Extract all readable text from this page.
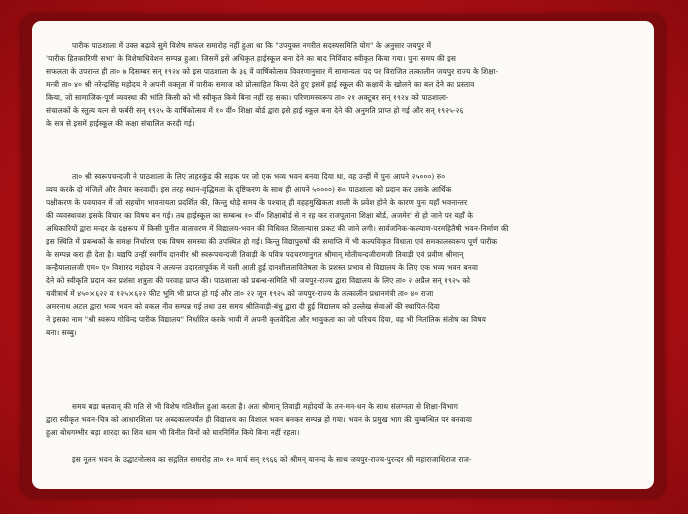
पारीक पाठशाला में उक्त बढ़ावे सुमे विशेष सफल समारोह नहीं हुआ था कि "उपयुक्त नगरीत सदस्यसमिति योग" के अनुसार जयपुर में
'पारीक हितकारिणी सभा' के विशेषाधिवेशन सम्पन्न हुआ। जिसमें इसे अधिकृत हाईस्कूल बना देने का बाद निर्विवाद स्वीकृत किया गया। पुनः समय की इस
सफलता के उपरान्त ही ता० ७ दिसम्बर सन् १९२४ को इस पाठशाला के ३६ वें वार्षिकोत्सव विवरणानुसार में सामान्यतः पद पर विराजित तत्कालीन जयपुर राज्य के शिक्षा-
मन्त्री ता० ४० श्री नरेन्द्रसिंह महोदय ने अपनी वक्तृता में पारीक समाज को प्रोत्साहित किया देते हुए इसमें हाई स्कूल की कक्षायें के खोलने का बल देने का प्रस्ताव
किया, जो सामाजिक-पूर्ण व्यवस्था की भांति किसी को भी स्वीकृत किये बिना नहीं रह सका। परिणामस्वरूप ता० २१ अक्टूबर सन् १९२४ को पाठशाला-
संचालकों के स्तुत्य यत्न से फर्बरी सन् १९२५ के वार्षिकोत्सव में १० वीं० शिक्षा बोर्ड द्वारा इसे हाई स्कूल बना देने की अनुमति प्राप्त हो गई और सन् १९२५-२६
के सत्र से इसमें हाईस्कूल की कक्षा संचालित करदी गई।
ता० श्री स्वरूपचन्दजी ने पाठशाला के लिए ताहरकुंड की सड़क पर जो एक भव्य भवन बनवा दिया था, वह उन्हीं में पुनः आपने २५०००) रु०
व्यय करके दो मंजिलें और तैयार करवादीं। इस तरह स्थान-वृद्धिमता के दृष्टिकरण के साथ ही आपने ५००००) रु० पाठशाला को प्रदान कर उसके आर्थिक
पक्षीकरण के पवयावन में जो सहयोग भावनायता प्रदर्शित की, किन्तु थोड़े समय के पश्चात् ही वहहमुखिकता शाली के प्रवेश होने के कारण पुनः यहाँ भवनान्तर
की व्यवस्थावश इसके विचार का विषय बन गई। तब हाईस्कूल का सम्बन्ध १० वीं० शिक्षाबोर्ड से न रह कर राजपूताना शिक्षा बोर्ड, अजमेर' से हो जाने पर यहाँ के
अधिकारियों द्वारा मन्दर के दक्षरूप में किसी पुनीत वातावरण में विद्यालय-भवन की विधिवत शिलान्यास प्रकट की जाने लगी। सार्वजनिक-कल्याण-परमहितैषी भवन-निर्माण की
इस स्थिति में प्रबन्धकों के समक्ष निर्धारण एक विषम समस्या की उपस्थित हो गई। किन्तु विद्यापुरुषों की समाप्ति में भी कल्पविकृत विधाता एवं समकालस्वरूप पूर्ण पारीक
के सम्पन्न करा ही देता है। यद्यपि उन्हीं स्वर्गीय दानवीर श्री स्वरूपचन्दजी तिवाड़ी के पवित्र पदचरणानुगत श्रीमान् मोतीचन्दजीरामजी तिवाड़ी एवं प्रवीण श्रीमान्
कन्हैयालालजी एम० ए० विशारद महोदय ने अत्यन्त उदारतापूर्वक में चली आती हुई दानशीलतावितेषता के प्रशस्त प्रभाव से विद्यालय के लिए एक भव्य भवन बनवा
देने को स्वीकृति प्रदान कर प्रशंसा शत्रुता की परवाह प्राप्त की। पाठशाला को प्रबन्ध-समिति भी जयपुर-राज्य द्वारा विद्यालय के लिए ता० २ अप्रैल सन् १९२५ को
चवीत्रार्थ में ४५०×६२२ व १२५×६२२ फीट भूमि भी प्राप्त हो गई और ता० २२ जून १९२५ को जयपुर-राज्य के तत्कालीन प्रधानमंत्री ता० ४० राजा
अमरनाथ अटल द्वारा भव्य भवन को वकल नीव सम्पन्न गई तथा उस समय श्रीतिवाड़ी-बंधु द्वारा दी हुई विद्यालय को उल्लेख सेवाओं की स्थापित-दिवा
ने इसका नाम "श्री स्वरूप गोविन्द पारीक विद्यालय" निर्धारित करके भावी में अपनी कृतवेदिता और भावुकता का जो परिचय दिया, वह भी नितांतिक संतोष का विषय
बना। सब्बु।
समय बड़ा बलवान् की गति से भी विशेष गतिशील हुआ करता है। अतः श्रीमान् तिवाड़ी महोदयों के तन-मन-धन के साथ संलग्नता से शिक्षा-विभाग
द्वारा स्वीकृत भवन-चित्र को आधारशिला पर अब्दकालपर्यंत ही विद्यालय का विशाल भवन बनकर सम्पन्न हो गया। भवन के प्रमुख भाग की चुम्बन्धित पर बनवाया
हुआ बोधगम्भीर बड़ा शारदा का शिव धाम भी विनीत विनों को घारनिर्मित किये बिना नहीं रहता।
इस नूतन भवन के उद्घाटनोत्सव का सद्गतित समारोह ता० १० मार्च सन् १९६६ को श्रीमन् यानन्द के साथ जयपुर-राज्य-पुरन्दर श्री महाराजाधिराज राज-
